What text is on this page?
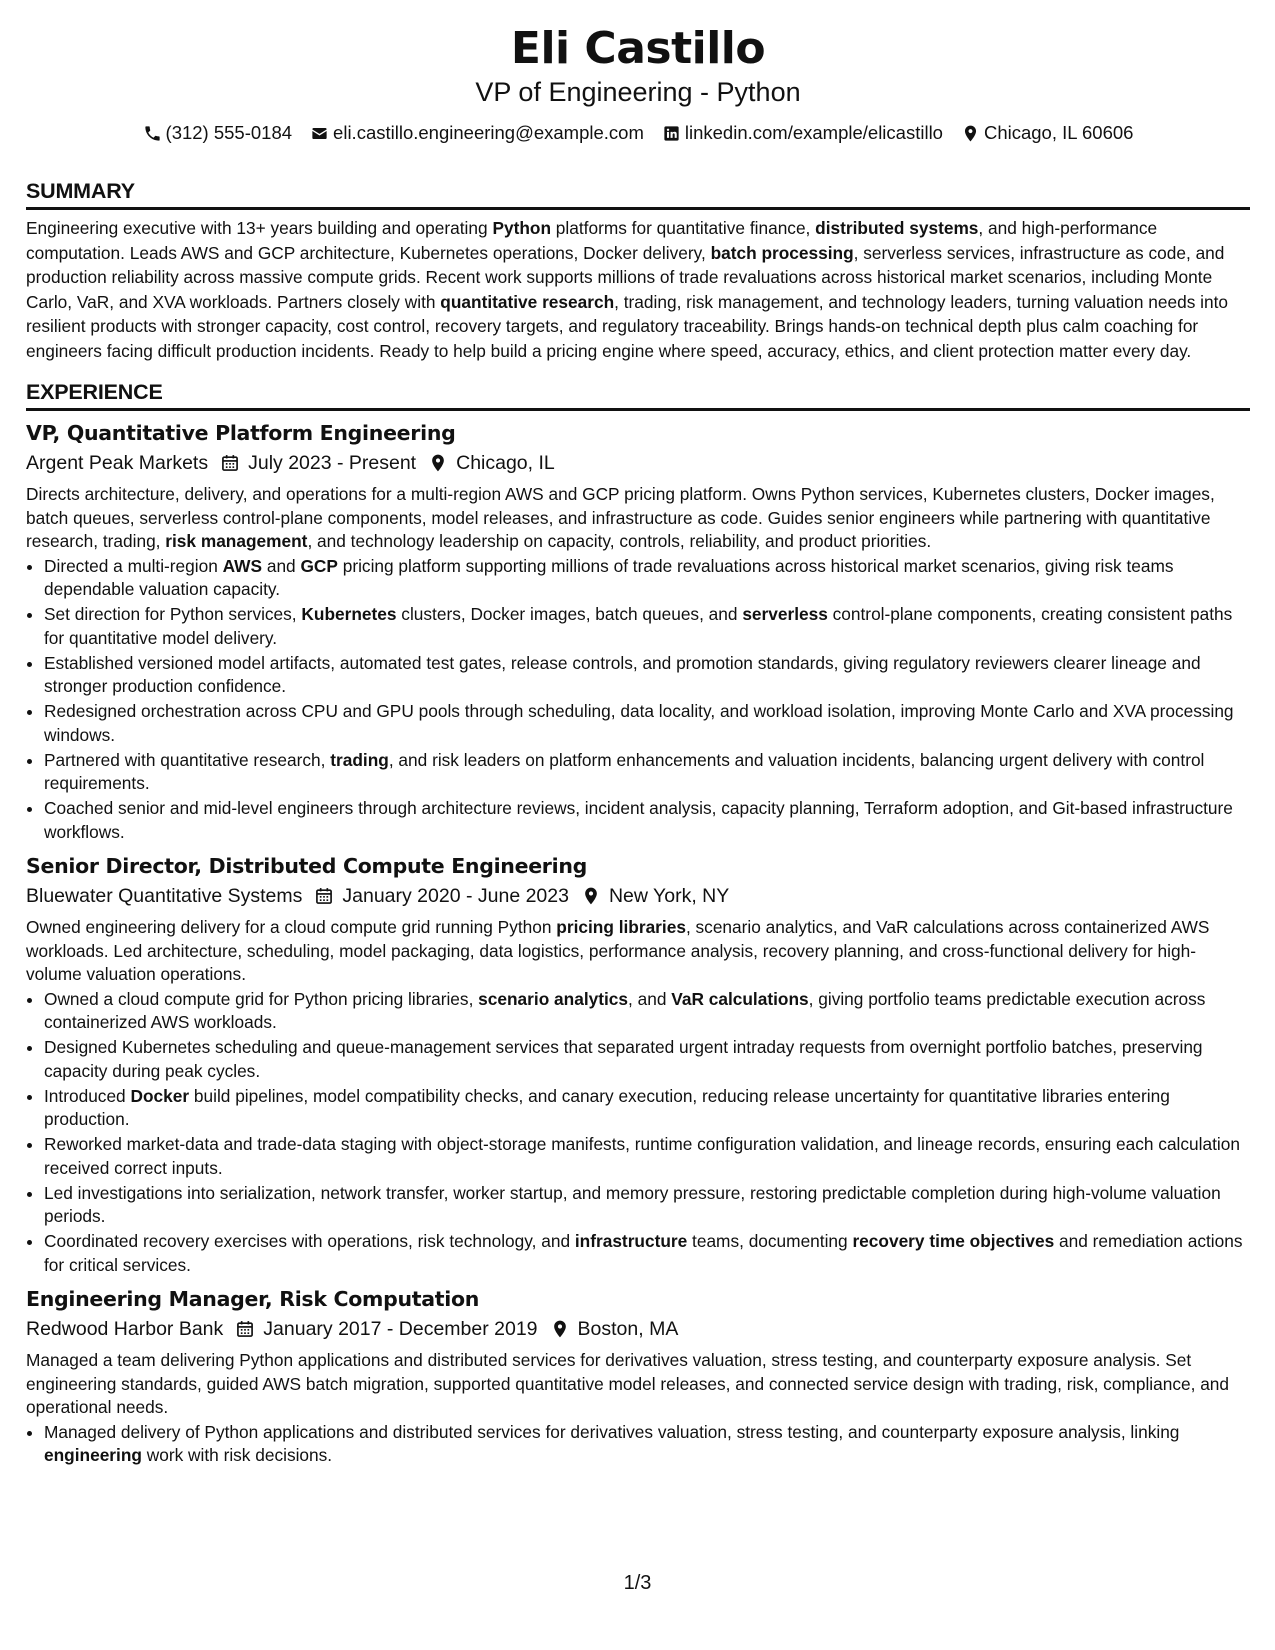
Eli Castillo
VP of Engineering - Python
(312) 555-0184 eli.castillo.engineering@example.com linkedin.com/example/elicastillo Chicago, IL 60606
SUMMARY
Engineering executive with 13+ years building and operating Python platforms for quantitative finance, distributed systems, and high-performance computation. Leads AWS and GCP architecture, Kubernetes operations, Docker delivery, batch processing, serverless services, infrastructure as code, and production reliability across massive compute grids. Recent work supports millions of trade revaluations across historical market scenarios, including Monte Carlo, VaR, and XVA workloads. Partners closely with quantitative research, trading, risk management, and technology leaders, turning valuation needs into resilient products with stronger capacity, cost control, recovery targets, and regulatory traceability. Brings hands-on technical depth plus calm coaching for engineers facing difficult production incidents. Ready to help build a pricing engine where speed, accuracy, ethics, and client protection matter every day.
EXPERIENCE
VP, Quantitative Platform Engineering
Argent Peak Markets July 2023 - Present Chicago, IL
Directs architecture, delivery, and operations for a multi-region AWS and GCP pricing platform. Owns Python services, Kubernetes clusters, Docker images, batch queues, serverless control-plane components, model releases, and infrastructure as code. Guides senior engineers while partnering with quantitative research, trading, risk management, and technology leadership on capacity, controls, reliability, and product priorities.
• Directed a multi-region AWS and GCP pricing platform supporting millions of trade revaluations across historical market scenarios, giving risk teams dependable valuation capacity.
• Set direction for Python services, Kubernetes clusters, Docker images, batch queues, and serverless control-plane components, creating consistent paths for quantitative model delivery.
• Established versioned model artifacts, automated test gates, release controls, and promotion standards, giving regulatory reviewers clearer lineage and stronger production confidence.
• Redesigned orchestration across CPU and GPU pools through scheduling, data locality, and workload isolation, improving Monte Carlo and XVA processing windows.
• Partnered with quantitative research, trading, and risk leaders on platform enhancements and valuation incidents, balancing urgent delivery with control requirements.
• Coached senior and mid-level engineers through architecture reviews, incident analysis, capacity planning, Terraform adoption, and Git-based infrastructure workflows.
Senior Director, Distributed Compute Engineering
Bluewater Quantitative Systems January 2020 - June 2023 New York, NY
Owned engineering delivery for a cloud compute grid running Python pricing libraries, scenario analytics, and VaR calculations across containerized AWS workloads. Led architecture, scheduling, model packaging, data logistics, performance analysis, recovery planning, and cross-functional delivery for high-volume valuation operations.
• Owned a cloud compute grid for Python pricing libraries, scenario analytics, and VaR calculations, giving portfolio teams predictable execution across containerized AWS workloads.
• Designed Kubernetes scheduling and queue-management services that separated urgent intraday requests from overnight portfolio batches, preserving capacity during peak cycles.
• Introduced Docker build pipelines, model compatibility checks, and canary execution, reducing release uncertainty for quantitative libraries entering production.
• Reworked market-data and trade-data staging with object-storage manifests, runtime configuration validation, and lineage records, ensuring each calculation received correct inputs.
• Led investigations into serialization, network transfer, worker startup, and memory pressure, restoring predictable completion during high-volume valuation periods.
• Coordinated recovery exercises with operations, risk technology, and infrastructure teams, documenting recovery time objectives and remediation actions for critical services.
Engineering Manager, Risk Computation
Redwood Harbor Bank January 2017 - December 2019 Boston, MA
Managed a team delivering Python applications and distributed services for derivatives valuation, stress testing, and counterparty exposure analysis. Set engineering standards, guided AWS batch migration, supported quantitative model releases, and connected service design with trading, risk, compliance, and operational needs.
• Managed delivery of Python applications and distributed services for derivatives valuation, stress testing, and counterparty exposure analysis, linking engineering work with risk decisions.
1/3
